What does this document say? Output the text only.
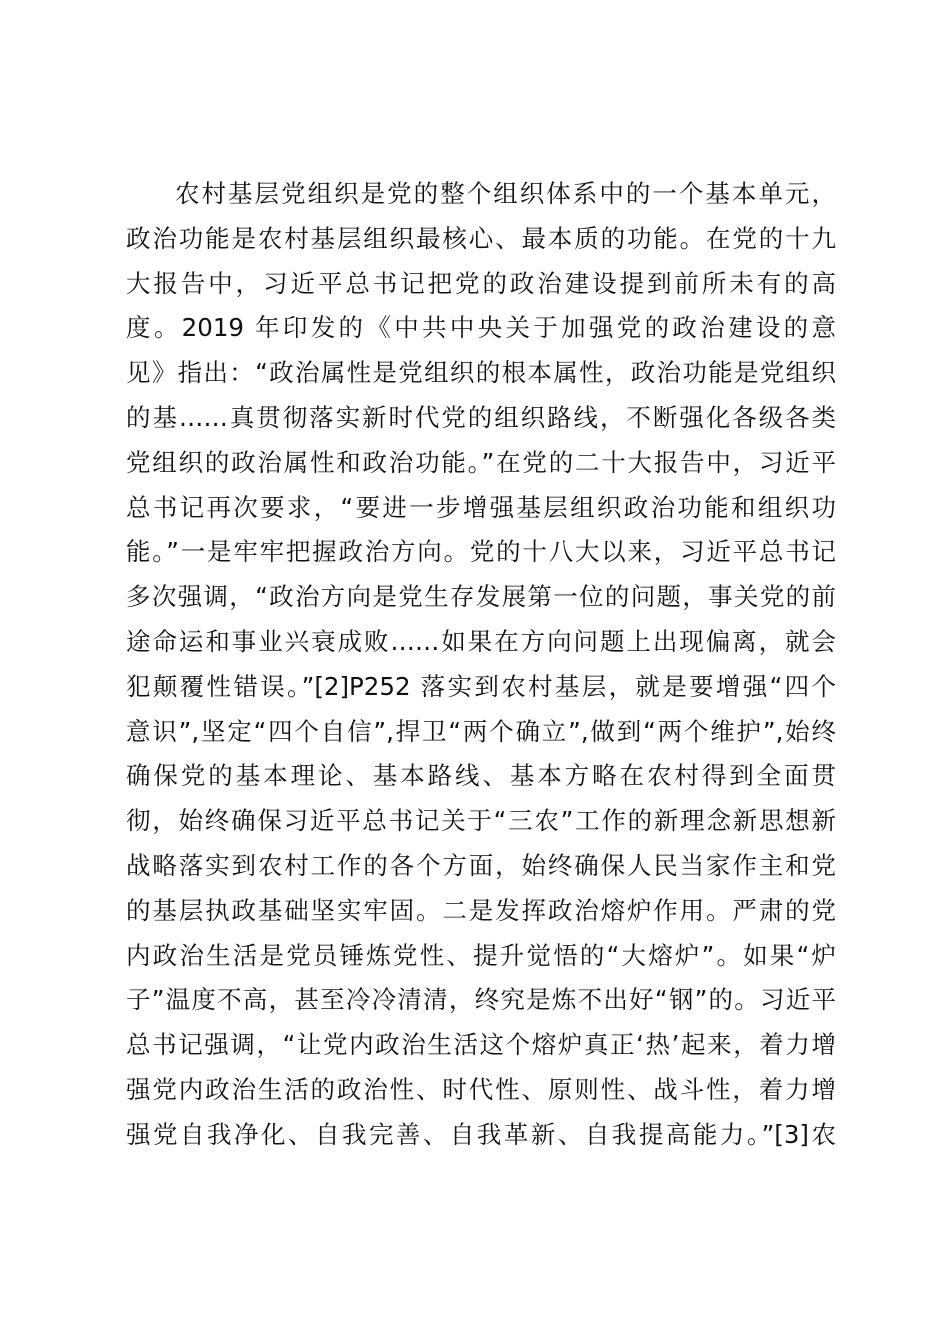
农村基层党组织是党的整个组织体系中的一个基本单元，
政治功能是农村基层组织最核心、最本质的功能。在党的十九
大报告中，习近平总书记把党的政治建设提到前所未有的高
度。2019 年印发的《中共中央关于加强党的政治建设的意
见》指出：“政治属性是党组织的根本属性，政治功能是党组织
的基……真贯彻落实新时代党的组织路线，不断强化各级各类
党组织的政治属性和政治功能。”在党的二十大报告中，习近平
总书记再次要求，“要进一步增强基层组织政治功能和组织功
能。”一是牢牢把握政治方向。党的十八大以来，习近平总书记
多次强调，“政治方向是党生存发展第一位的问题，事关党的前
途命运和事业兴衰成败……如果在方向问题上出现偏离，就会
犯颠覆性错误。”[2]P252 落实到农村基层，就是要增强“四个
意识”,坚定“四个自信”,捍卫“两个确立”,做到“两个维护”,始终
确保党的基本理论、基本路线、基本方略在农村得到全面贯
彻，始终确保习近平总书记关于“三农”工作的新理念新思想新
战略落实到农村工作的各个方面，始终确保人民当家作主和党
的基层执政基础坚实牢固。二是发挥政治熔炉作用。严肃的党
内政治生活是党员锤炼党性、提升觉悟的“大熔炉”。如果“炉
子”温度不高，甚至冷冷清清，终究是炼不出好“钢”的。习近平
总书记强调，“让党内政治生活这个熔炉真正‘热’起来，着力增
强党内政治生活的政治性、时代性、原则性、战斗性，着力增
强党自我净化、自我完善、自我革新、自我提高能力。”[3]农
